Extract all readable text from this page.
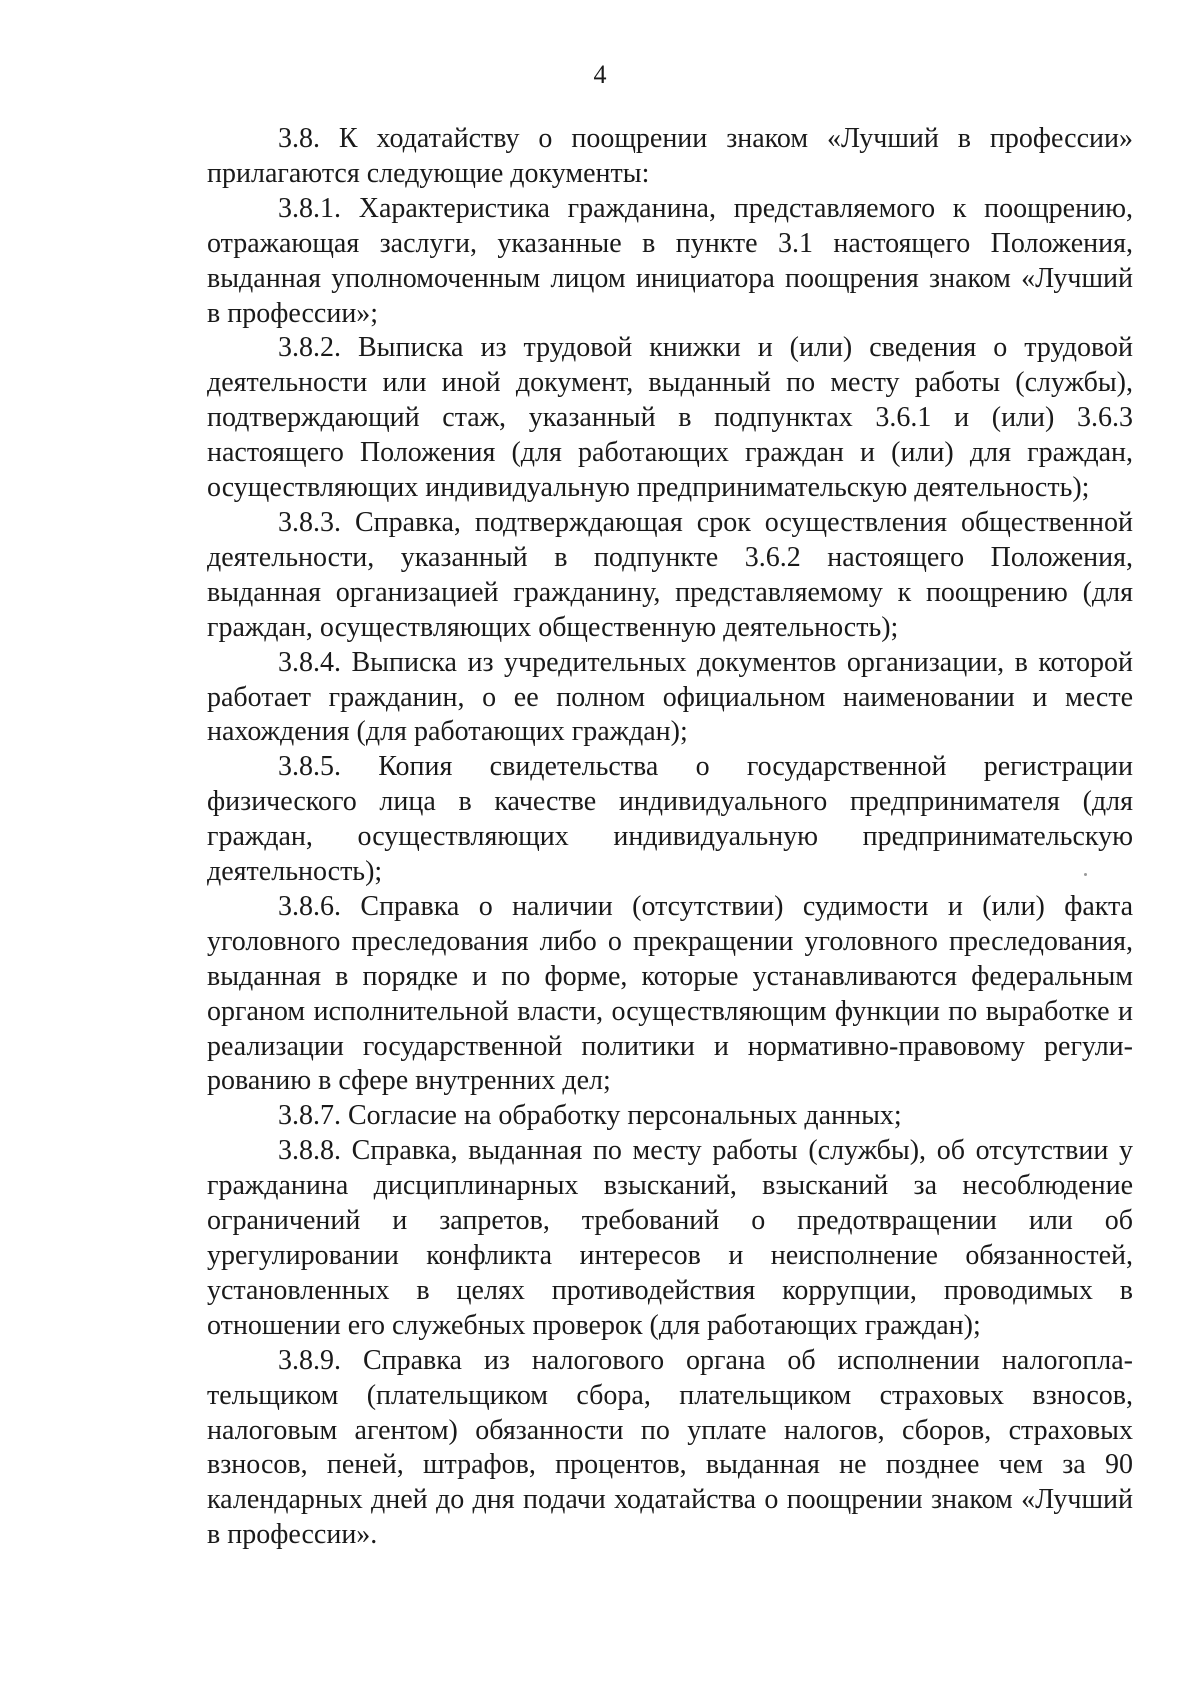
4

3.8. К ходатайству о поощрении знаком «Лучший в профессии» прилагаются следующие документы:

3.8.1. Характеристика гражданина, представляемого к поощрению, отражающая заслуги, указанные в пункте 3.1 настоящего Положения, выданная уполномоченным лицом инициатора поощрения знаком «Лучший в профессии»;

3.8.2. Выписка из трудовой книжки и (или) сведения о трудовой деятельности или иной документ, выданный по месту работы (службы), подтверждающий стаж, указанный в подпунктах 3.6.1 и (или) 3.6.3 настоящего Положения (для работающих граждан и (или) для граждан, осуществляющих индивидуальную предпринимательскую деятельность);

3.8.3. Справка, подтверждающая срок осуществления общественной деятельности, указанный в подпункте 3.6.2 настоящего Положения, выданная организацией гражданину, представляемому к поощрению (для граждан, осуществляющих общественную деятельность);

3.8.4. Выписка из учредительных документов организации, в которой работает гражданин, о ее полном официальном наименовании и месте нахождения (для работающих граждан);

3.8.5. Копия свидетельства о государственной регистрации физического лица в качестве индивидуального предпринимателя (для граждан, осуществляющих индивидуальную предпринимательскую деятельность);

3.8.6. Справка о наличии (отсутствии) судимости и (или) факта уголовного преследования либо о прекращении уголовного преследования, выданная в порядке и по форме, которые устанавливаются федеральным органом исполнительной власти, осуществляющим функции по выработке и реализации государственной политики и нормативно-правовому регулированию в сфере внутренних дел;

3.8.7. Согласие на обработку персональных данных;

3.8.8. Справка, выданная по месту работы (службы), об отсутствии у гражданина дисциплинарных взысканий, взысканий за несоблюдение ограничений и запретов, требований о предотвращении или об урегулировании конфликта интересов и неисполнение обязанностей, установленных в целях противодействия коррупции, проводимых в отношении его служебных проверок (для работающих граждан);

3.8.9. Справка из налогового органа об исполнении налогоплательщиком (плательщиком сбора, плательщиком страховых взносов, налоговым агентом) обязанности по уплате налогов, сборов, страховых взносов, пеней, штрафов, процентов, выданная не позднее чем за 90 календарных дней до дня подачи ходатайства о поощрении знаком «Лучший в профессии».
